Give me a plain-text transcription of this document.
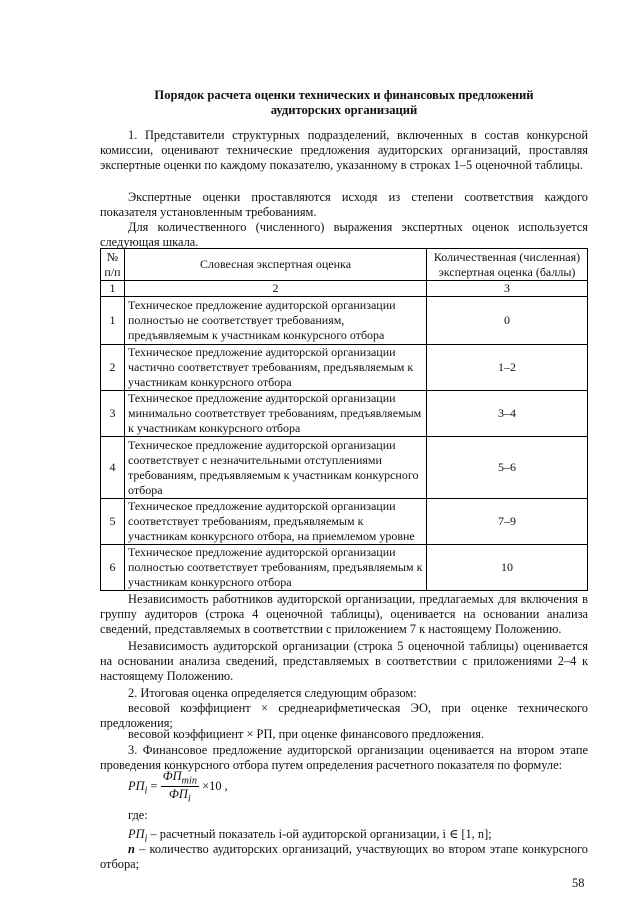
Порядок расчета оценки технических и финансовых предложений
аудиторских организаций

1. Представители структурных подразделений, включенных в состав конкурсной комиссии, оценивают технические предложения аудиторских организаций, проставляя экспертные оценки по каждому показателю, указанному в строках 1–5 оценочной таблицы.

Экспертные оценки проставляются исходя из степени соответствия каждого показателя установленным требованиям.

Для количественного (численного) выражения экспертных оценок используется следующая шкала.

№ п/п	Словесная экспертная оценка	Количественная (численная) экспертная оценка (баллы)
1	2	3
1	Техническое предложение аудиторской организации полностью не соответствует требованиям, предъявляемым к участникам конкурсного отбора	0
2	Техническое предложение аудиторской организации частично соответствует требованиям, предъявляемым к участникам конкурсного отбора	1–2
3	Техническое предложение аудиторской организации минимально соответствует требованиям, предъявляемым к участникам конкурсного отбора	3–4
4	Техническое предложение аудиторской организации соответствует с незначительными отступлениями требованиям, предъявляемым к участникам конкурсного отбора	5–6
5	Техническое предложение аудиторской организации соответствует требованиям, предъявляемым к участникам конкурсного отбора, на приемлемом уровне	7–9
6	Техническое предложение аудиторской организации полностью соответствует требованиям, предъявляемым к участникам конкурсного отбора	10

Независимость работников аудиторской организации, предлагаемых для включения в группу аудиторов (строка 4 оценочной таблицы), оценивается на основании анализа сведений, представляемых в соответствии с приложением 7 к настоящему Положению.

Независимость аудиторской организации (строка 5 оценочной таблицы) оценивается на основании анализа сведений, представляемых в соответствии с приложениями 2–4 к настоящему Положению.

2. Итоговая оценка определяется следующим образом:

весовой коэффициент × среднеарифметическая ЭО, при оценке технического предложения;

весовой коэффициент × РП, при оценке финансового предложения.

3. Финансовое предложение аудиторской организации оценивается на втором этапе проведения конкурсного отбора путем определения расчетного показателя по формуле:

$РП_i = \frac{ФП_{min}}{ФП_i} \times 10$ ,
где:
$РП_i$ – расчетный показатель i-ой аудиторской организации, i ∈ [1, n];

n – количество аудиторских организаций, участвующих во втором этапе конкурсного отбора;

58
